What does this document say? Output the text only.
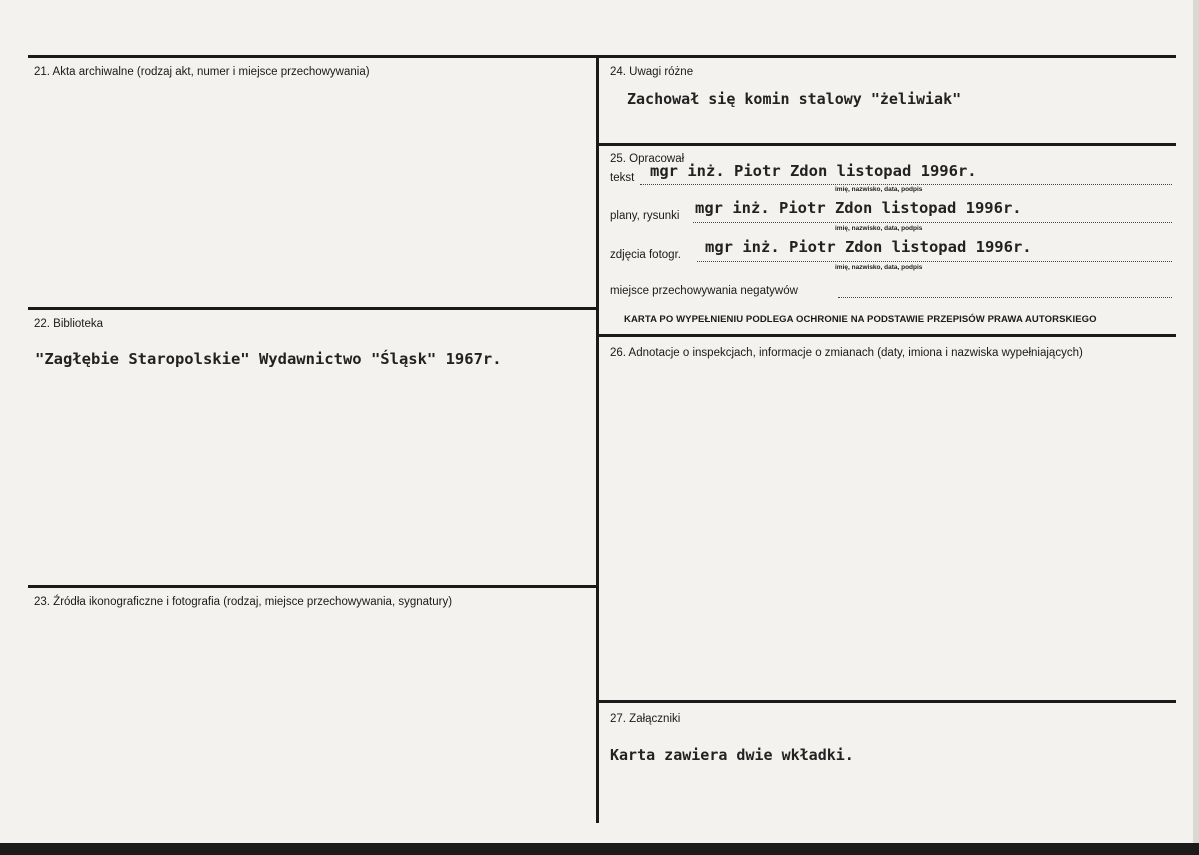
21. Akta archiwalne (rodzaj akt, numer i miejsce przechowywania)
22. Biblioteka
"Zagłębie Staropolskie" Wydawnictwo "Śląsk" 1967r.
23. Źródła ikonograficzne i fotografia (rodzaj, miejsce przechowywania, sygnatury)
24. Uwagi różne
Zachował się komin stalowy "żeliwiak"
25. Opracował
tekst mgr inż. Piotr Zdon listopad 1996r.
imię, nazwisko, data, podpis
plany, rysunki mgr inż. Piotr Zdon listopad 1996r.
imię, nazwisko, data, podpis
zdjęcia fotogr. mgr inż. Piotr Zdon listopad 1996r.
imię, nazwisko, data, podpis
miejsce przechowywania negatywów
KARTA PO WYPEŁNIENIU PODLEGA OCHRONIE NA PODSTAWIE PRZEPISÓW PRAWA AUTORSKIEGO
26. Adnotacje o inspekcjach, informacje o zmianach (daty, imiona i nazwiska wypełniających)
27. Załączniki
Karta zawiera dwie wkładki.
